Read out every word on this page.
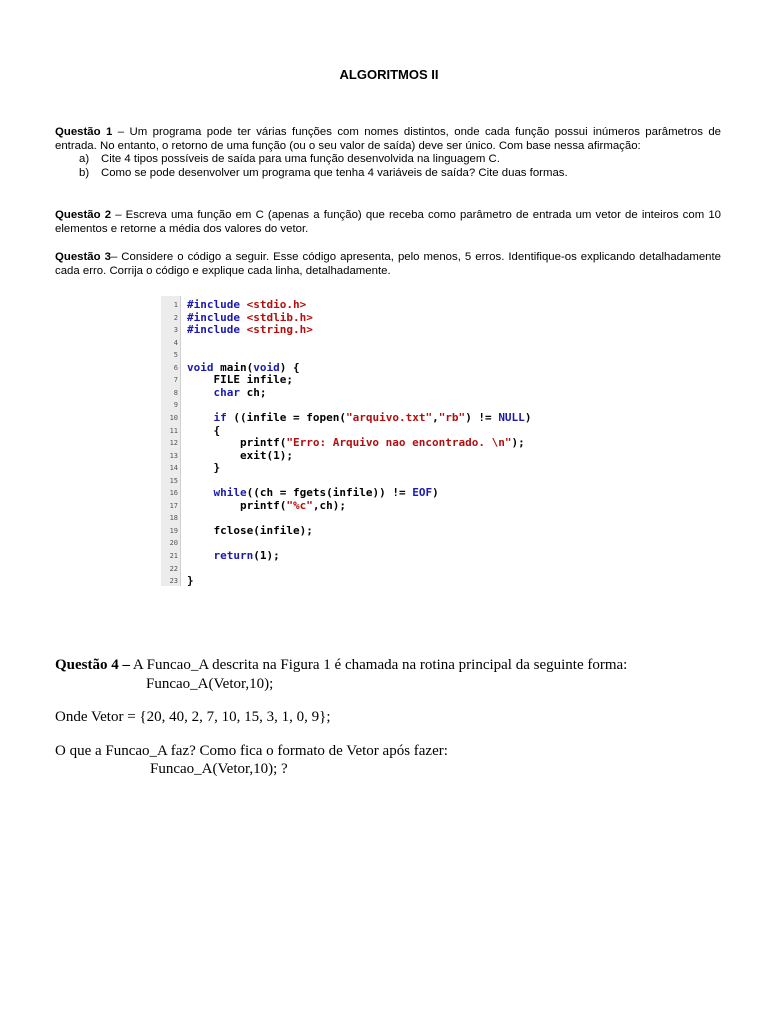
ALGORITMOS II
Questão 1 – Um programa pode ter várias funções com nomes distintos, onde cada função possui inúmeros parâmetros de entrada. No entanto, o retorno de uma função (ou o seu valor de saída) deve ser único. Com base nessa afirmação:
a) Cite 4 tipos possíveis de saída para uma função desenvolvida na linguagem C.
b) Como se pode desenvolver um programa que tenha 4 variáveis de saída? Cite duas formas.
Questão 2 – Escreva uma função em C (apenas a função) que receba como parâmetro de entrada um vetor de inteiros com 10 elementos e retorne a média dos valores do vetor.
Questão 3– Considere o código a seguir. Esse código apresenta, pelo menos, 5 erros. Identifique-os explicando detalhadamente cada erro. Corrija o código e explique cada linha, detalhadamente.
1 #include <stdio.h>
2 #include <stdlib.h>
3 #include <string.h>
4
5
6 void main(void) {
7 FILE infile;
8	char ch;
9
10	if ((infile = fopen("arquivo.txt","rb") != NULL)
11 {
12 printf("Erro: Arquivo nao encontrado. \n");
13 exit(1);
14 }
15
16	while((ch = fgets(infile)) != EOF)
17 printf("%c",ch);
18
19 fclose(infile);
20
21	return(1);
22
23 }
Questão 4 – A Funcao_A descrita na Figura 1 é chamada na rotina principal da seguinte forma:
Funcao_A(Vetor,10);
Onde Vetor = {20, 40, 2, 7, 10, 15, 3, 1, 0, 9};
O que a Funcao_A faz? Como fica o formato de Vetor após fazer:
Funcao_A(Vetor,10); ?
